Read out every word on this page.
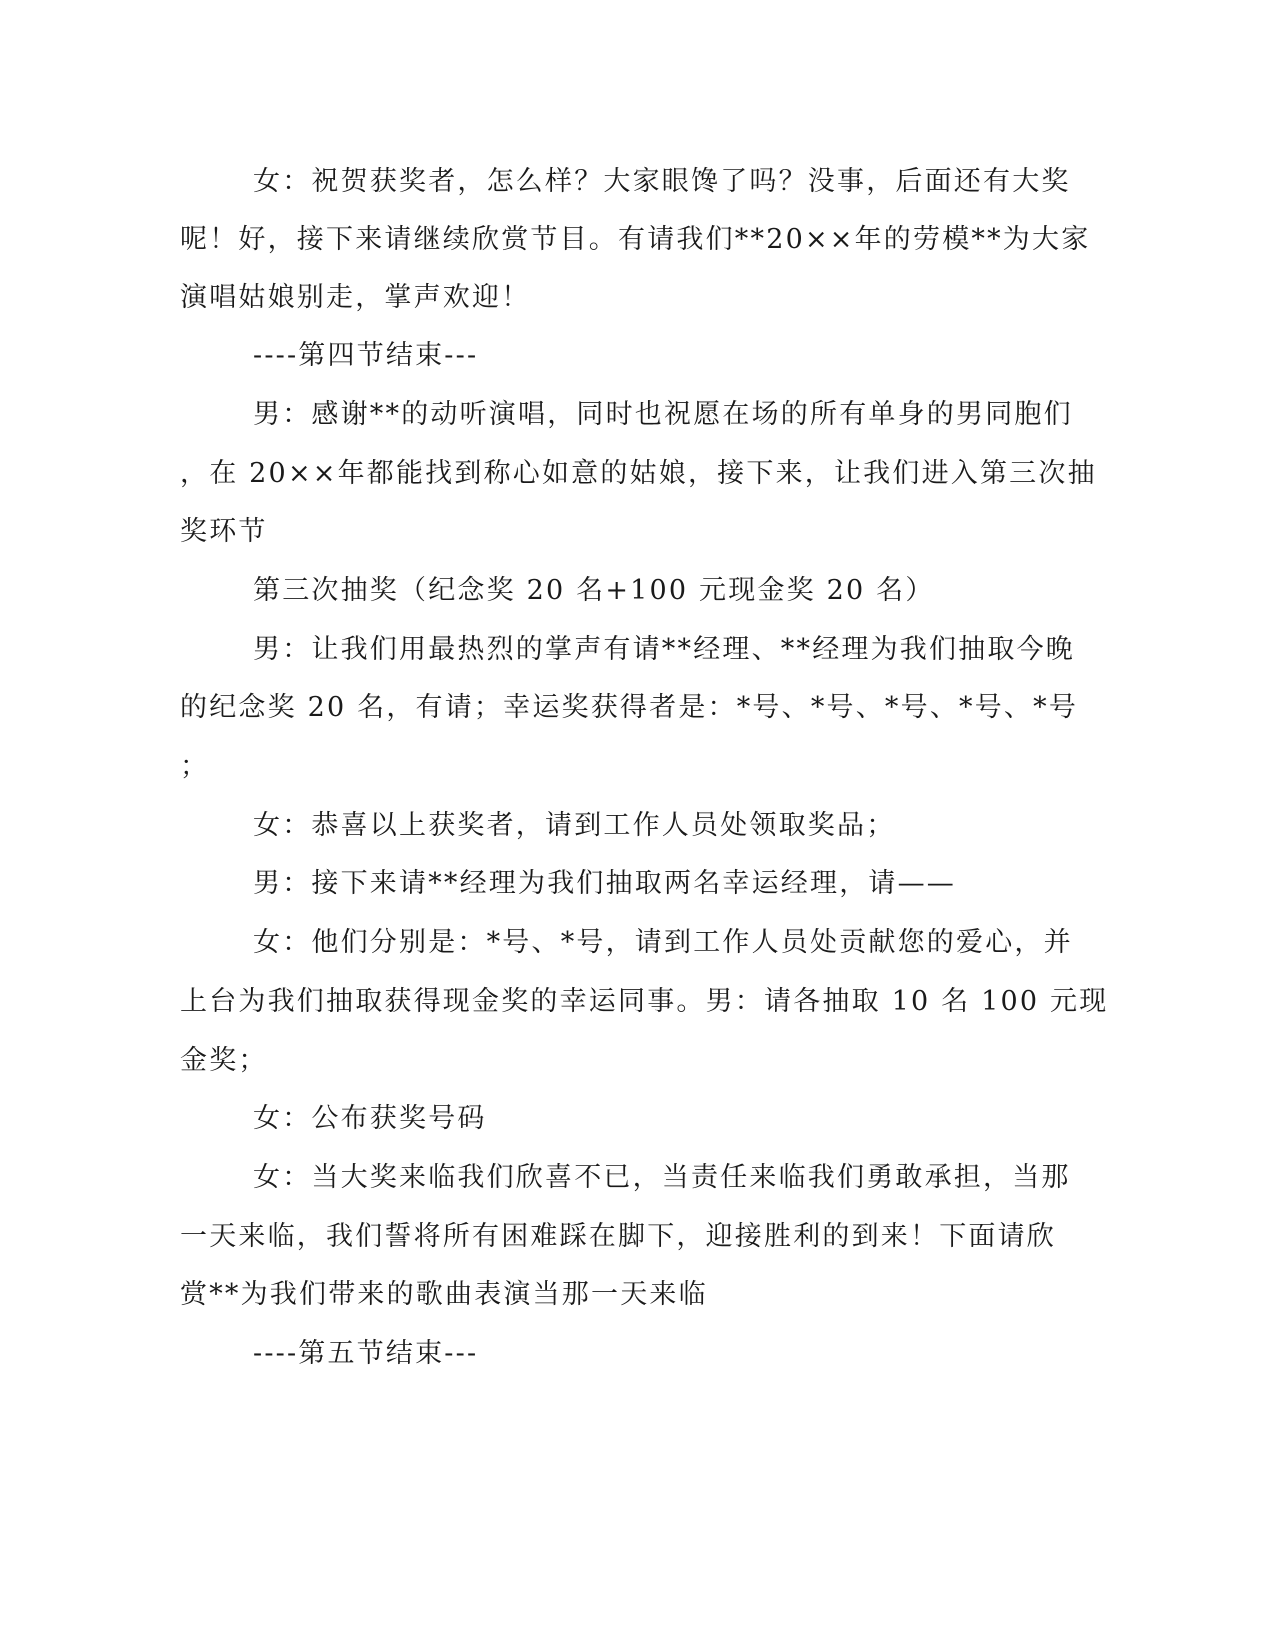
女：祝贺获奖者，怎么样？大家眼馋了吗？没事，后面还有大奖
呢！好，接下来请继续欣赏节目。有请我们**20××年的劳模**为大家
演唱姑娘别走，掌声欢迎！
----第四节结束---
男：感谢**的动听演唱，同时也祝愿在场的所有单身的男同胞们
，在 20××年都能找到称心如意的姑娘，接下来，让我们进入第三次抽
奖环节
第三次抽奖（纪念奖 20 名+100 元现金奖 20 名）
男：让我们用最热烈的掌声有请**经理、**经理为我们抽取今晚
的纪念奖 20 名，有请；幸运奖获得者是：*号、*号、*号、*号、*号
；
女：恭喜以上获奖者，请到工作人员处领取奖品；
男：接下来请**经理为我们抽取两名幸运经理，请——
女：他们分别是：*号、*号，请到工作人员处贡献您的爱心，并
上台为我们抽取获得现金奖的幸运同事。男：请各抽取 10 名 100 元现
金奖；
女：公布获奖号码
女：当大奖来临我们欣喜不已，当责任来临我们勇敢承担，当那
一天来临，我们誓将所有困难踩在脚下，迎接胜利的到来！下面请欣
赏**为我们带来的歌曲表演当那一天来临
----第五节结束---
